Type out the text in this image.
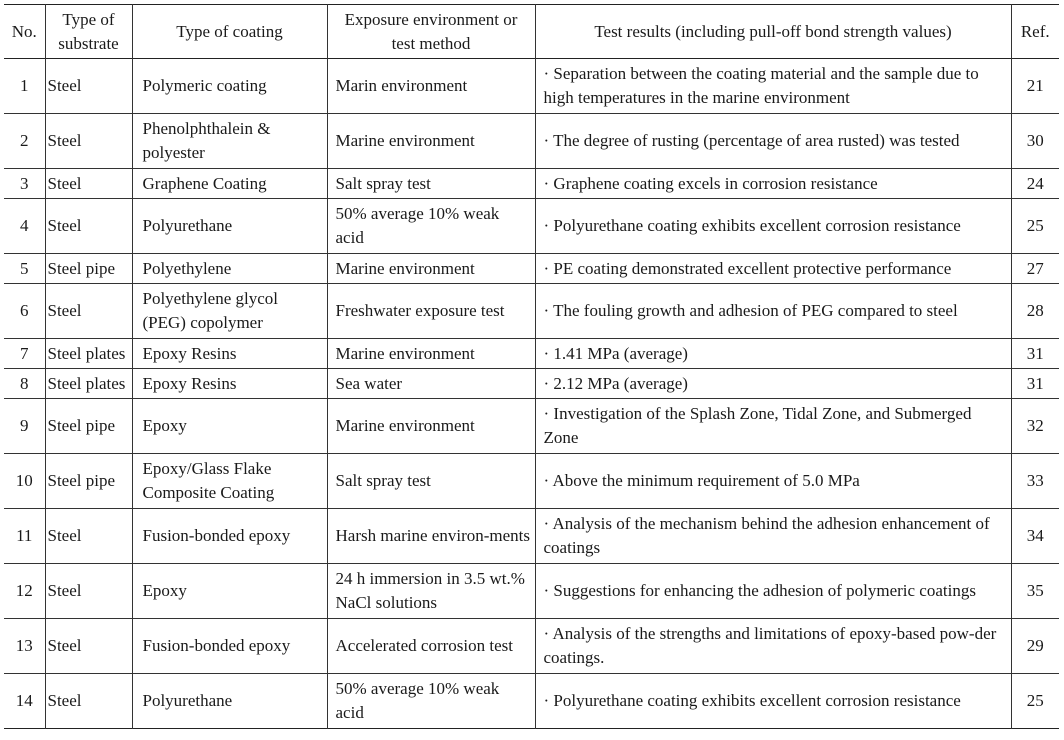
No.	Type of substrate	Type of coating	Exposure environment or test method	Test results (including pull-off bond strength values)	Ref.
1	Steel	Polymeric coating	Marin environment	· Separation between the coating material and the sample due to high temperatures in the marine environment	21
2	Steel	Phenolphthalein & polyester	Marine environment	· The degree of rusting (percentage of area rusted) was tested	30
3	Steel	Graphene Coating	Salt spray test	· Graphene coating excels in corrosion resistance	24
4	Steel	Polyurethane	50% average 10% weak acid	· Polyurethane coating exhibits excellent corrosion resistance	25
5	Steel pipe	Polyethylene	Marine environment	· PE coating demonstrated excellent protective performance	27
6	Steel	Polyethylene glycol (PEG) copolymer	Freshwater exposure test	· The fouling growth and adhesion of PEG compared to steel	28
7	Steel plates	Epoxy Resins	Marine environment	· 1.41 MPa (average)	31
8	Steel plates	Epoxy Resins	Sea water	· 2.12 MPa (average)	31
9	Steel pipe	Epoxy	Marine environment	· Investigation of the Splash Zone, Tidal Zone, and Submerged Zone	32
10	Steel pipe	Epoxy/Glass Flake Composite Coating	Salt spray test	· Above the minimum requirement of 5.0 MPa	33
11	Steel	Fusion-bonded epoxy	Harsh marine environ-ments	· Analysis of the mechanism behind the adhesion enhancement of coatings	34
12	Steel	Epoxy	24 h immersion in 3.5 wt.% NaCl solutions	· Suggestions for enhancing the adhesion of polymeric coatings	35
13	Steel	Fusion-bonded epoxy	Accelerated corrosion test	· Analysis of the strengths and limitations of epoxy-based pow-der coatings.	29
14	Steel	Polyurethane	50% average 10% weak acid	· Polyurethane coating exhibits excellent corrosion resistance	25
